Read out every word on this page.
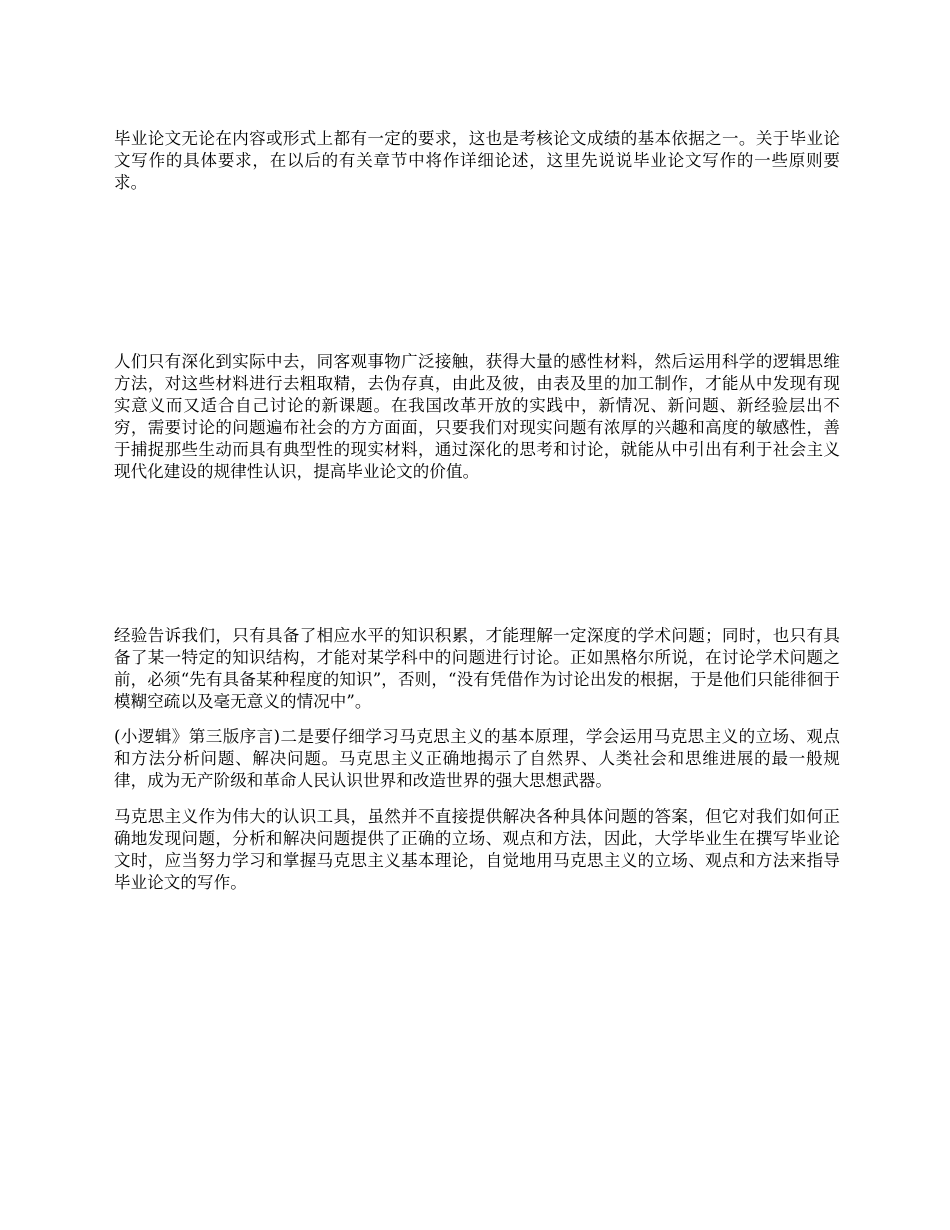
毕业论文无论在内容或形式上都有一定的要求，这也是考核论文成绩的基本依据之一。关于毕业论文写作的具体要求，在以后的有关章节中将作详细论述，这里先说说毕业论文写作的一些原则要求。

人们只有深化到实际中去，同客观事物广泛接触，获得大量的感性材料，然后运用科学的逻辑思维方法，对这些材料进行去粗取精，去伪存真，由此及彼，由表及里的加工制作，才能从中发现有现实意义而又适合自己讨论的新课题。在我国改革开放的实践中，新情况、新问题、新经验层出不穷，需要讨论的问题遍布社会的方方面面，只要我们对现实问题有浓厚的兴趣和高度的敏感性，善于捕捉那些生动而具有典型性的现实材料，通过深化的思考和讨论，就能从中引出有利于社会主义现代化建设的规律性认识，提高毕业论文的价值。

经验告诉我们，只有具备了相应水平的知识积累，才能理解一定深度的学术问题；同时，也只有具备了某一特定的知识结构，才能对某学科中的问题进行讨论。正如黑格尔所说，在讨论学术问题之前，必须“先有具备某种程度的知识”，否则，“没有凭借作为讨论出发的根据，于是他们只能徘徊于模糊空疏以及毫无意义的情况中”。

(小逻辑》第三版序言)二是要仔细学习马克思主义的基本原理，学会运用马克思主义的立场、观点和方法分析问题、解决问题。马克思主义正确地揭示了自然界、人类社会和思维进展的最一般规律，成为无产阶级和革命人民认识世界和改造世界的强大思想武器。

马克思主义作为伟大的认识工具，虽然并不直接提供解决各种具体问题的答案，但它对我们如何正确地发现问题，分析和解决问题提供了正确的立场、观点和方法，因此，大学毕业生在撰写毕业论文时，应当努力学习和掌握马克思主义基本理论，自觉地用马克思主义的立场、观点和方法来指导毕业论文的写作。
